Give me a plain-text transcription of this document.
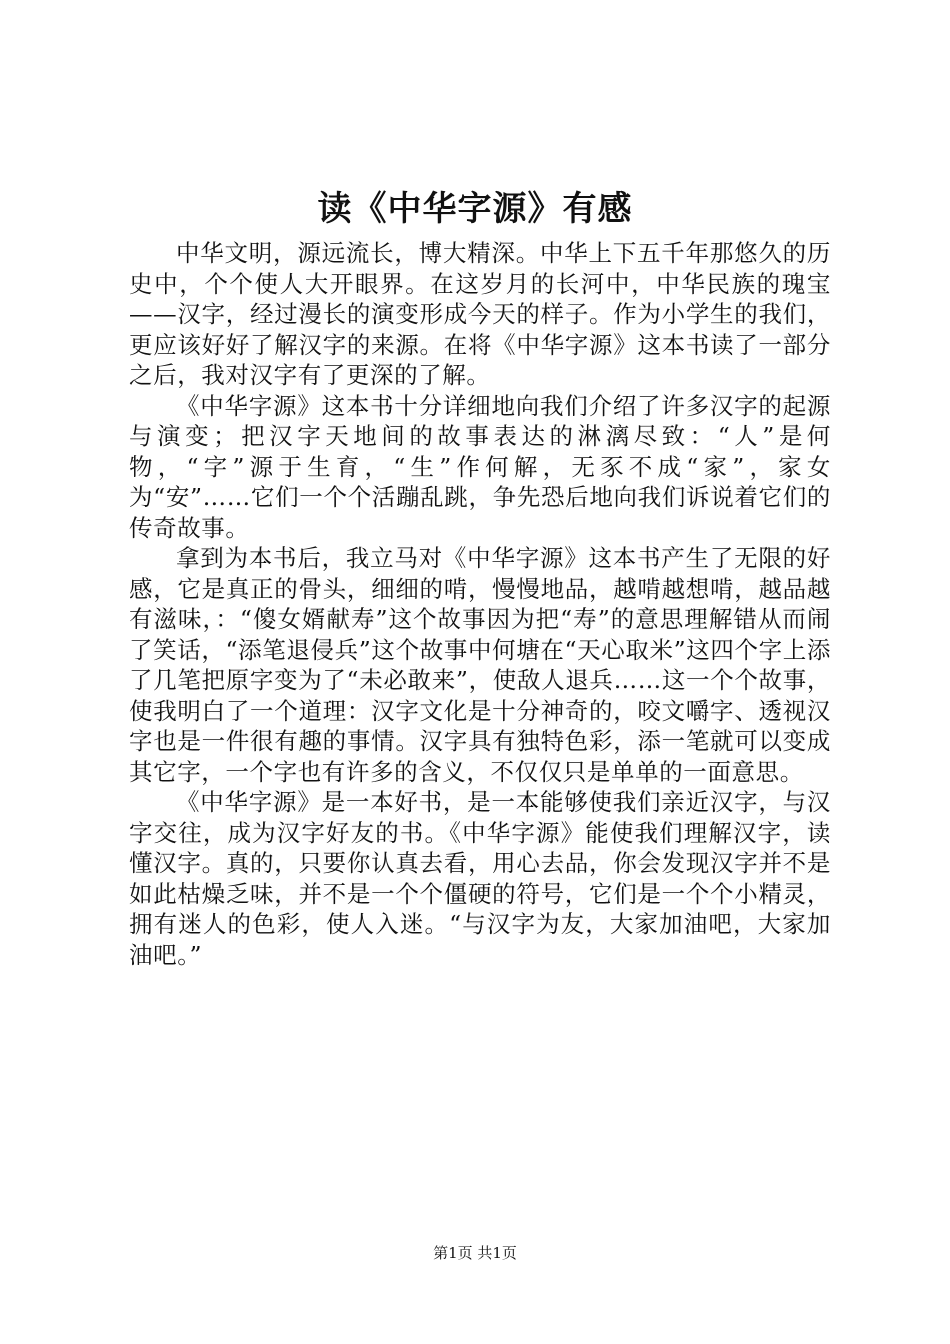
读《中华字源》有感

中华文明，源远流长，博大精深。中华上下五千年那悠久的历史中，个个使人大开眼界。在这岁月的长河中，中华民族的瑰宝——汉字，经过漫长的演变形成今天的样子。作为小学生的我们，更应该好好了解汉字的来源。在将《中华字源》这本书读了一部分之后，我对汉字有了更深的了解。

《中华字源》这本书十分详细地向我们介绍了许多汉字的起源与演变；把汉字天地间的故事表达的淋漓尽致：“人”是何物，“字”源于生育，“生”作何解，无豕不成“家”，家女为“安”……它们一个个活蹦乱跳，争先恐后地向我们诉说着它们的传奇故事。

拿到为本书后，我立马对《中华字源》这本书产生了无限的好感，它是真正的骨头，细细的啃，慢慢地品，越啃越想啃，越品越有滋味，：“傻女婿献寿”这个故事因为把“寿”的意思理解错从而闹了笑话，“添笔退侵兵”这个故事中何塘在“天心取米”这四个字上添了几笔把原字变为了“未必敢来”，使敌人退兵……这一个个故事，使我明白了一个道理：汉字文化是十分神奇的，咬文嚼字、透视汉字也是一件很有趣的事情。汉字具有独特色彩，添一笔就可以变成其它字，一个字也有许多的含义，不仅仅只是单单的一面意思。

《中华字源》是一本好书，是一本能够使我们亲近汉字，与汉字交往，成为汉字好友的书。《中华字源》能使我们理解汉字，读懂汉字。真的，只要你认真去看，用心去品，你会发现汉字并不是如此枯燥乏味，并不是一个个僵硬的符号，它们是一个个小精灵，拥有迷人的色彩，使人入迷。“与汉字为友，大家加油吧，大家加油吧。”

第1页 共1页
